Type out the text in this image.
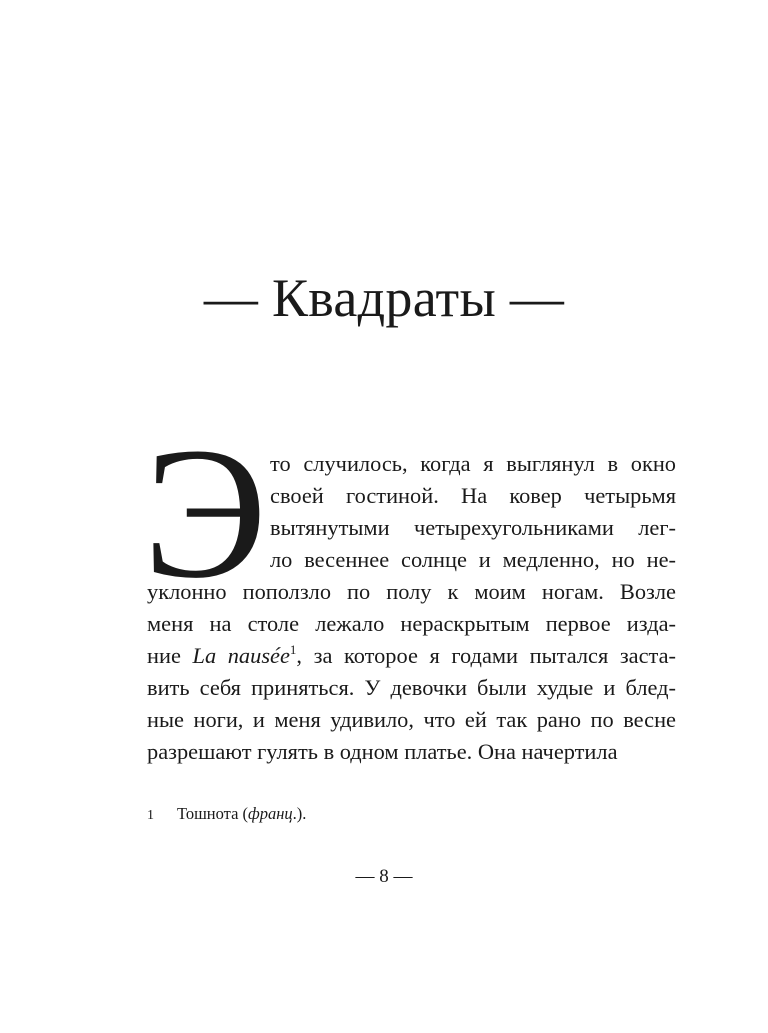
— Квадраты —
Э то случилось, когда я выглянул в окно
своей гостиной. На ковер четырьмя
вытянутыми четырехугольниками лег-
ло весеннее солнце и медленно, но не-
уклонно поползло по полу к моим ногам. Возле
меня на столе лежало нераскрытым первое изда-
ние La nausée$^1$, за которое я годами пытался заста-
вить себя приняться. У девочки были худые и блед-
ные ноги, и меня удивило, что ей так рано по весне
разрешают гулять в одном платье. Она начертила
1 Тошнота (франц.).
— 8 —
